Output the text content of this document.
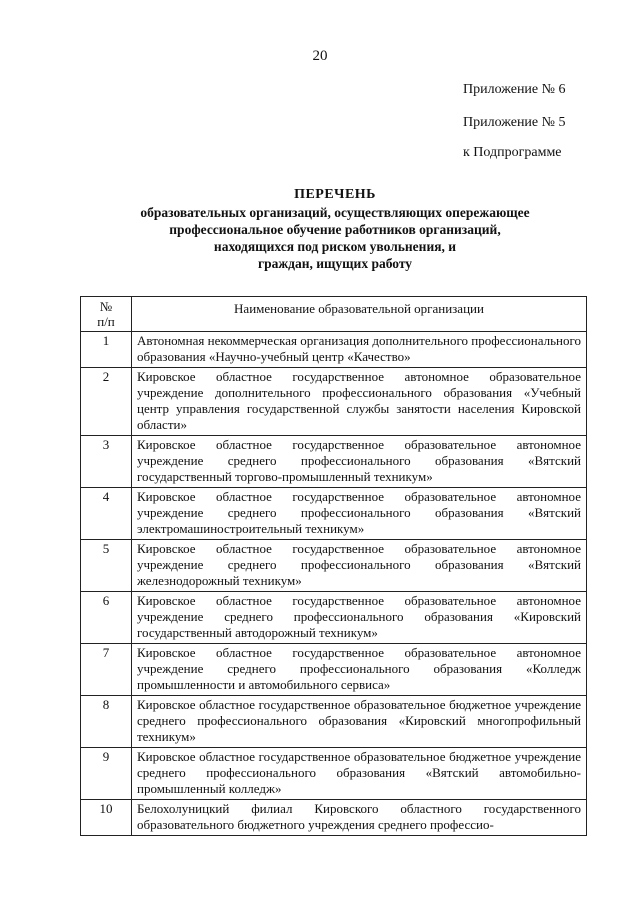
20
Приложение № 6
Приложение № 5
к Подпрограмме
ПЕРЕЧЕНЬ
образовательных организаций, осуществляющих опережающее
профессиональное обучение работников организаций,
находящихся под риском увольнения, и
граждан, ищущих работу
№
п/п	Наименование образовательной организации
1	Автономная некоммерческая организация дополнительного профессионального образования «Научно-учебный центр «Качество»
2	Кировское областное государственное автономное образовательное учреждение дополнительного профессионального образования «Учебный центр управления государственной службы занятости населения Кировской области»
3	Кировское областное государственное образовательное автономное учреждение среднего профессионального образования «Вятский государственный торгово-промышленный техникум»
4	Кировское областное государственное образовательное автономное учреждение среднего профессионального образования «Вятский электромашиностроительный техникум»
5	Кировское областное государственное образовательное автономное учреждение среднего профессионального образования «Вятский железнодорожный техникум»
6	Кировское областное государственное образовательное автономное учреждение среднего профессионального образования «Кировский государственный автодорожный техникум»
7	Кировское областное государственное образовательное автономное учреждение среднего профессионального образования «Колледж промышленности и автомобильного сервиса»
8	Кировское областное государственное образовательное бюджетное учреждение среднего профессионального образования «Кировский многопрофильный техникум»
9	Кировское областное государственное образовательное бюджетное учреждение среднего профессионального образования «Вятский автомобильно-промышленный колледж»
10	Белохолуницкий филиал Кировского областного государственного образовательного бюджетного учреждения среднего профессио-
